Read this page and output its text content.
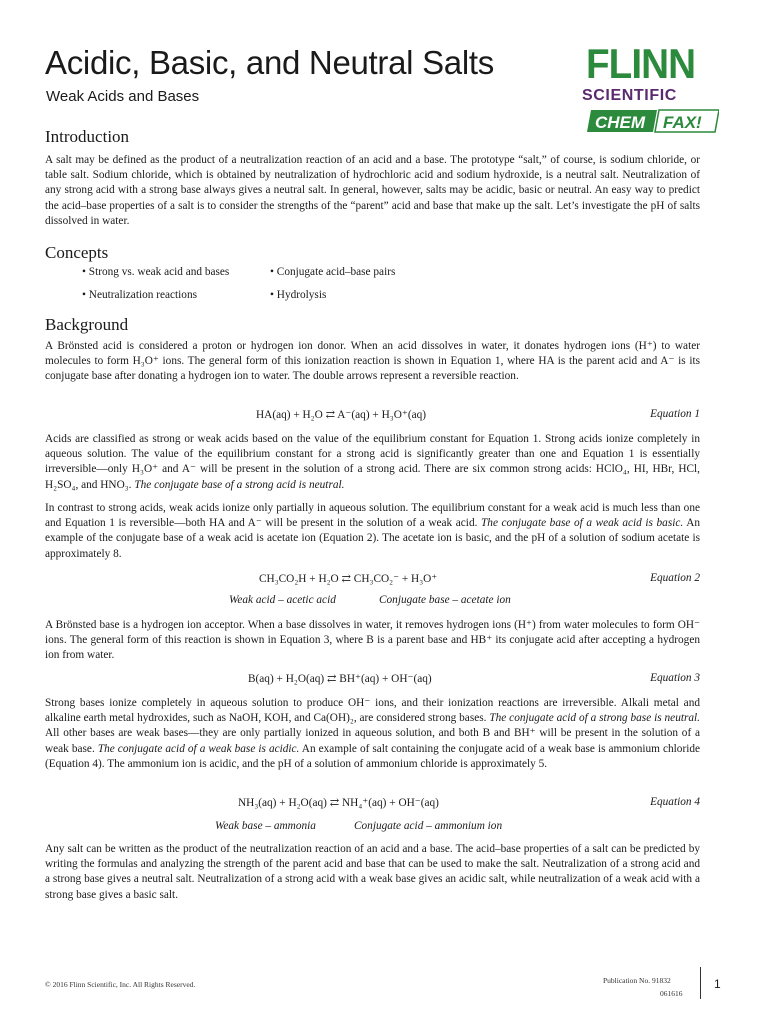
Acidic, Basic, and Neutral Salts
Weak Acids and Bases
FLINN
SCIENTIFIC
CHEM FAX!
Introduction

A salt may be defined as the product of a neutralization reaction of an acid and a base. The prototype “salt,” of course, is sodium chloride, or table salt. Sodium chloride, which is obtained by neutralization of hydrochloric acid and sodium hydroxide, is a neutral salt. Neutralization of any strong acid with a strong base always gives a neutral salt. In general, however, salts may be acidic, basic or neutral. An easy way to predict the acid–base properties of a salt is to consider the strengths of the “parent” acid and base that make up the salt. Let’s investigate the pH of salts dissolved in water.

Concepts
• Strong vs. weak acid and bases	• Conjugate acid–base pairs
• Neutralization reactions	• Hydrolysis
Background

A Brönsted acid is considered a proton or hydrogen ion donor. When an acid dissolves in water, it donates hydrogen ions (H⁺) to water molecules to form H₃O⁺ ions. The general form of this ionization reaction is shown in Equation 1, where HA is the parent acid and A⁻ is its conjugate base after donating a hydrogen ion to water. The double arrows represent a reversible reaction.

HA(aq) + H₂O ⇄ A⁻(aq) + H₃O⁺(aq)	Equation 1

Acids are classified as strong or weak acids based on the value of the equilibrium constant for Equation 1. Strong acids ionize completely in aqueous solution. The value of the equilibrium constant for a strong acid is significantly greater than one and Equation 1 is essentially irreversible—only H₃O⁺ and A⁻ will be present in the solution of a strong acid. There are six common strong acids: HClO₄, HI, HBr, HCl, H₂SO₄, and HNO₃. The conjugate base of a strong acid is neutral.

In contrast to strong acids, weak acids ionize only partially in aqueous solution. The equilibrium constant for a weak acid is much less than one and Equation 1 is reversible—both HA and A⁻ will be present in the solution of a weak acid. The conjugate base of a weak acid is basic. An example of the conjugate base of a weak acid is acetate ion (Equation 2). The acetate ion is basic, and the pH of a solution of sodium acetate is approximately 8.

CH₃CO₂H + H₂O ⇄ CH₃CO₂⁻ + H₃O⁺	Equation 2
Weak acid – acetic acid	Conjugate base – acetate ion

A Brönsted base is a hydrogen ion acceptor. When a base dissolves in water, it removes hydrogen ions (H⁺) from water molecules to form OH⁻ ions. The general form of this reaction is shown in Equation 3, where B is a parent base and HB⁺ its conjugate acid after accepting a hydrogen ion from water.

B(aq) + H₂O(aq) ⇄ BH⁺(aq) + OH⁻(aq)	Equation 3

Strong bases ionize completely in aqueous solution to produce OH⁻ ions, and their ionization reactions are irreversible. Alkali metal and alkaline earth metal hydroxides, such as NaOH, KOH, and Ca(OH)₂, are considered strong bases. The conjugate acid of a strong base is neutral. All other bases are weak bases—they are only partially ionized in aqueous solution, and both B and BH⁺ will be present in the solution of a weak base. The conjugate acid of a weak base is acidic. An example of salt containing the conjugate acid of a weak base is ammonium chloride (Equation 4). The ammonium ion is acidic, and the pH of a solution of ammonium chloride is approximately 5.

NH₃(aq) + H₂O(aq) ⇄ NH₄⁺(aq) + OH⁻(aq)	Equation 4
Weak base – ammonia	Conjugate acid – ammonium ion

Any salt can be written as the product of the neutralization reaction of an acid and a base. The acid–base properties of a salt can be predicted by writing the formulas and analyzing the strength of the parent acid and base that can be used to make the salt. Neutralization of a strong acid and a strong base gives a neutral salt. Neutralization of a strong acid with a weak base gives an acidic salt, while neutralization of a weak acid with a strong base gives a basic salt.

© 2016 Flinn Scientific, Inc. All Rights Reserved.	Publication No. 91832
061616
1
